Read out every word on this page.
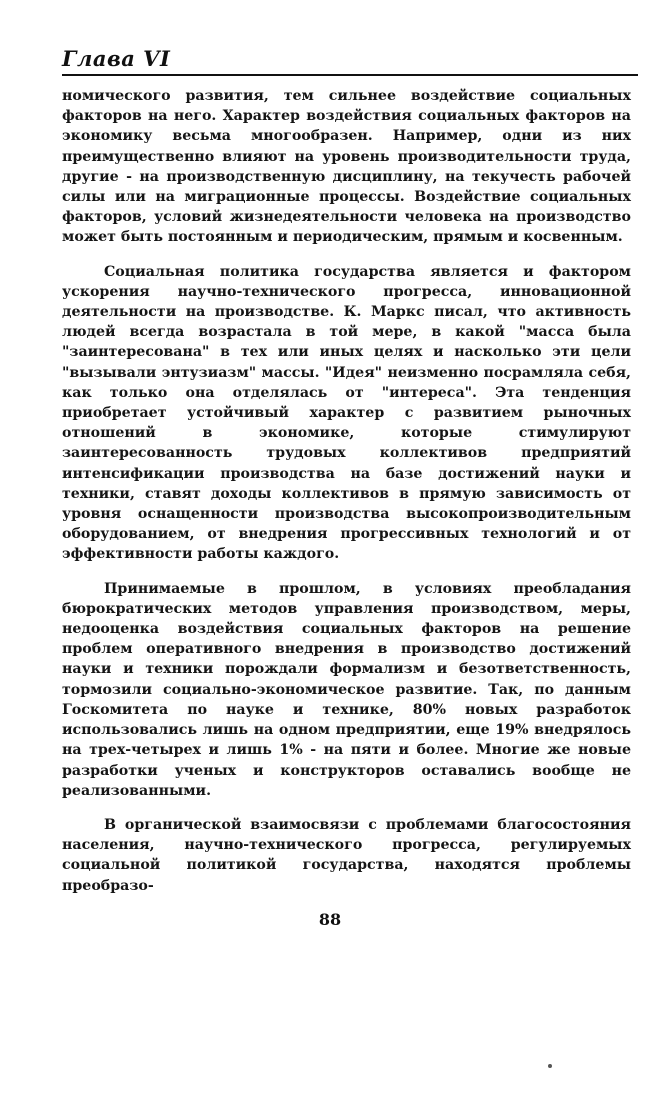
Глава VI

номического развития, тем сильнее воздействие социальных факторов на него. Характер воздействия социальных факторов на экономику весьма многообразен. Например, одни из них преимущественно влияют на уровень производительности труда, другие - на производственную дисциплину, на текучесть рабочей силы или на миграционные процессы. Воздействие социальных факторов, условий жизнедеятельности человека на производство может быть постоянным и периодическим, прямым и косвенным.

Социальная политика государства является и фактором ускорения научно-технического прогресса, инновационной деятельности на производстве. К. Маркс писал, что активность людей всегда возрастала в той мере, в какой "масса была "заинтересована" в тех или иных целях и насколько эти цели "вызывали энтузиазм" массы. "Идея" неизменно посрамляла себя, как только она отделялась от "интереса". Эта тенденция приобретает устойчивый характер с развитием рыночных отношений в экономике, которые стимулируют заинтересованность трудовых коллективов предприятий интенсификации производства на базе достижений науки и техники, ставят доходы коллективов в прямую зависимость от уровня оснащенности производства высокопроизводительным оборудованием, от внедрения прогрессивных технологий и от эффективности работы каждого.

Принимаемые в прошлом, в условиях преобладания бюрократических методов управления производством, меры, недооценка воздействия социальных факторов на решение проблем оперативного внедрения в производство достижений науки и техники порождали формализм и безответственность, тормозили социально-экономическое развитие. Так, по данным Госкомитета по науке и технике, 80% новых разработок использовались лишь на одном предприятии, еще 19% внедрялось на трех-четырех и лишь 1% - на пяти и более. Многие же новые разработки ученых и конструкторов оставались вообще не реализованными.

В органической взаимосвязи с проблемами благосостояния населения, научно-технического прогресса, регулируемых социальной политикой государства, находятся проблемы преобразо-

88
